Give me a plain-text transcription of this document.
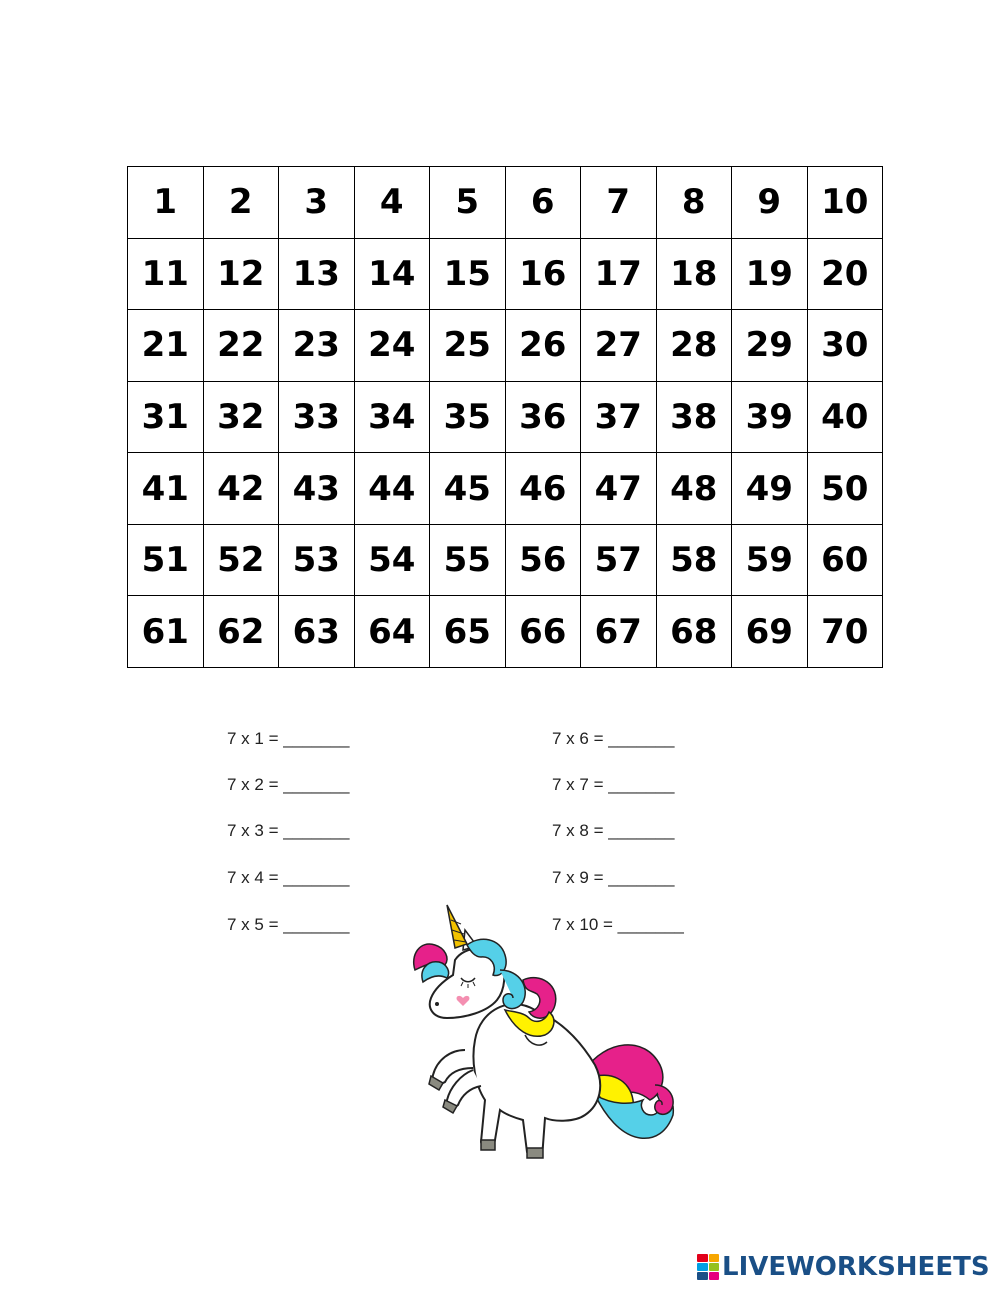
1	2	3	4	5	6	7	8	9	10
11 12 13 14 15 16 17 18 19 20
21 22 23 24 25 26 27 28 29 30
31 32 33 34 35 36 37 38 39 40
41 42 43 44 45 46 47 48 49 50
51 52 53 54 55 56 57 58 59 60
61 62 63 64 65 66 67 68 69 70
7 x 1 = _______
7 x 2 = _______
7 x 3 = _______
7 x 4 = _______
7 x 5 = _______
7 x 6 = _______
7 x 7 = _______
7 x 8 = _______
7 x 9 = _______
7 x 10 = _______
LIVEWORKSHEETS
